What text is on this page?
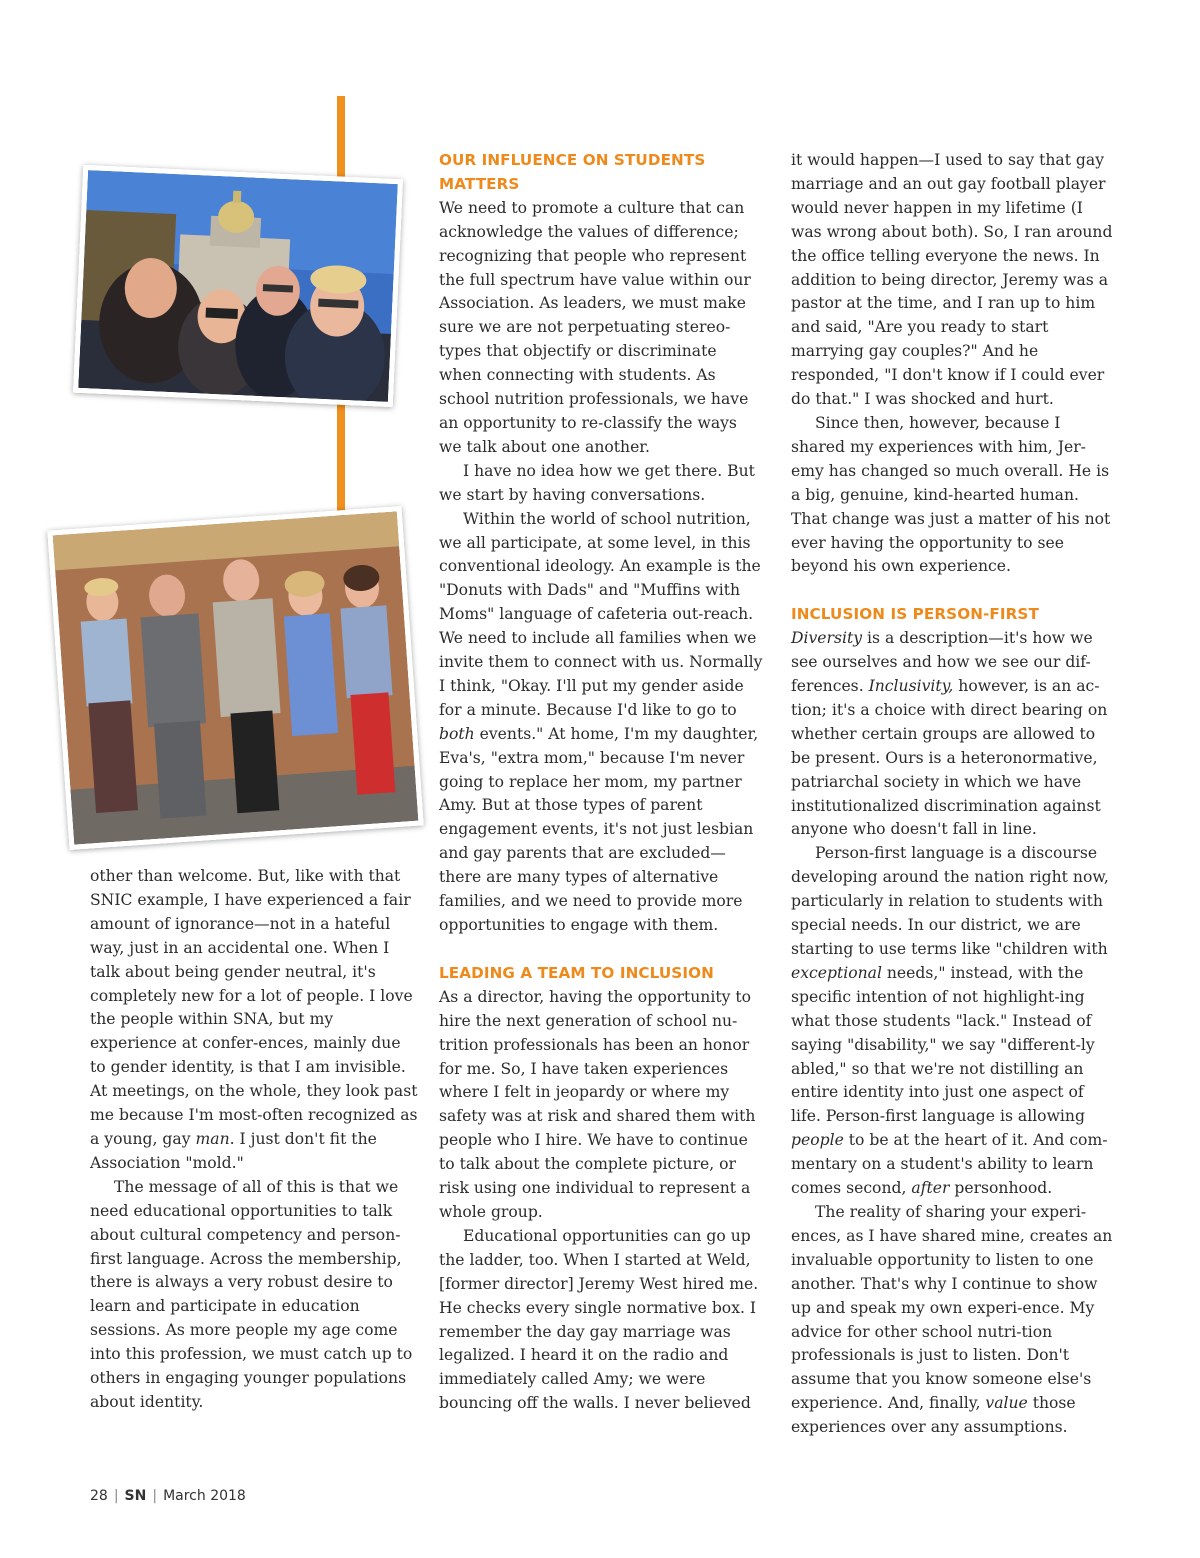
other than welcome. But, like with that SNIC example, I have experienced a fair amount of ignorance—not in a hateful way, just in an accidental one. When I talk about being gender neutral, it's completely new for a lot of people. I love the people within SNA, but my experience at confer-ences, mainly due to gender identity, is that I am invisible. At meetings, on the whole, they look past me because I'm most-often recognized as a young, gay man. I just don't fit the Association "mold."

The message of all of this is that we need educational opportunities to talk about cultural competency and person-first language. Across the membership, there is always a very robust desire to learn and participate in education sessions. As more people my age come into this profession, we must catch up to others in engaging younger populations about identity.

OUR INFLUENCE ON STUDENTS MATTERS

We need to promote a culture that can acknowledge the values of difference; recognizing that people who represent the full spectrum have value within our Association. As leaders, we must make sure we are not perpetuating stereo-types that objectify or discriminate when connecting with students. As school nutrition professionals, we have an opportunity to re-classify the ways we talk about one another.

I have no idea how we get there. But we start by having conversations.

Within the world of school nutrition, we all participate, at some level, in this conventional ideology. An example is the "Donuts with Dads" and "Muffins with Moms" language of cafeteria out-reach. We need to include all families when we invite them to connect with us. Normally I think, "Okay. I'll put my gender aside for a minute. Because I'd like to go to both events." At home, I'm my daughter, Eva's, "extra mom," because I'm never going to replace her mom, my partner Amy. But at those types of parent engagement events, it's not just lesbian and gay parents that are excluded—there are many types of alternative families, and we need to provide more opportunities to engage with them.

LEADING A TEAM TO INCLUSION

As a director, having the opportunity to hire the next generation of school nu-trition professionals has been an honor for me. So, I have taken experiences where I felt in jeopardy or where my safety was at risk and shared them with people who I hire. We have to continue to talk about the complete picture, or risk using one individual to represent a whole group.

Educational opportunities can go up the ladder, too. When I started at Weld, [former director] Jeremy West hired me. He checks every single normative box. I remember the day gay marriage was legalized. I heard it on the radio and immediately called Amy; we were bouncing off the walls. I never believed

it would happen—I used to say that gay marriage and an out gay football player would never happen in my lifetime (I was wrong about both). So, I ran around the office telling everyone the news. In addition to being director, Jeremy was a pastor at the time, and I ran up to him and said, "Are you ready to start marrying gay couples?" And he responded, "I don't know if I could ever do that." I was shocked and hurt.

Since then, however, because I shared my experiences with him, Jer-emy has changed so much overall. He is a big, genuine, kind-hearted human. That change was just a matter of his not ever having the opportunity to see beyond his own experience.

INCLUSION IS PERSON-FIRST

Diversity is a description—it's how we see ourselves and how we see our dif-ferences. Inclusivity, however, is an ac-tion; it's a choice with direct bearing on whether certain groups are allowed to be present. Ours is a heteronormative, patriarchal society in which we have institutionalized discrimination against anyone who doesn't fall in line.

Person-first language is a discourse developing around the nation right now, particularly in relation to students with special needs. In our district, we are starting to use terms like "children with exceptional needs," instead, with the specific intention of not highlight-ing what those students "lack." Instead of saying "disability," we say "different-ly abled," so that we're not distilling an entire identity into just one aspect of life. Person-first language is allowing people to be at the heart of it. And com-mentary on a student's ability to learn comes second, after personhood.

The reality of sharing your experi-ences, as I have shared mine, creates an invaluable opportunity to listen to one another. That's why I continue to show up and speak my own experi-ence. My advice for other school nutri-tion professionals is just to listen. Don't assume that you know someone else's experience. And, finally, value those experiences over any assumptions.

28 | SN | March 2018
